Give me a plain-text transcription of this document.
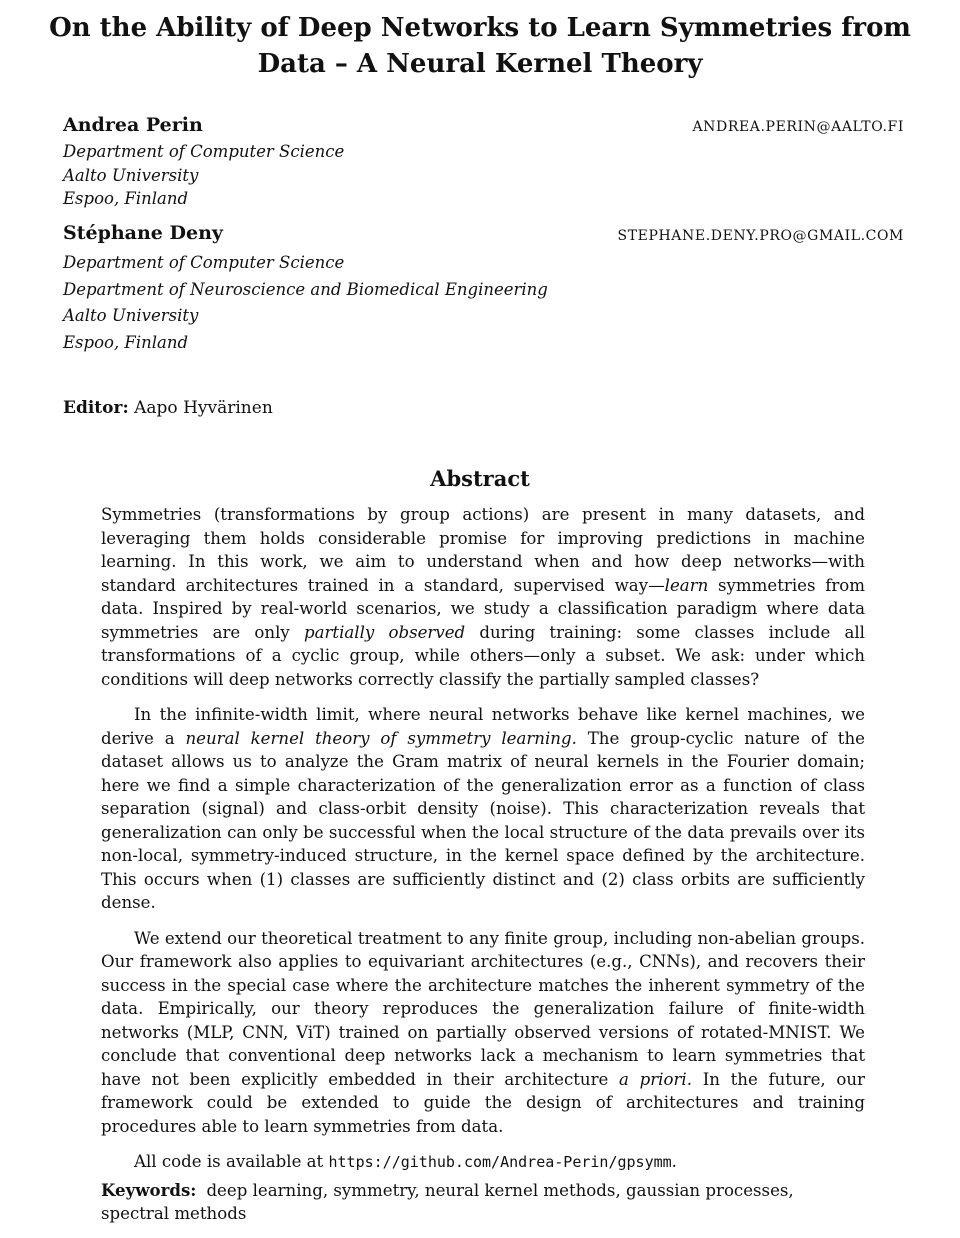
On the Ability of Deep Networks to Learn Symmetries from Data – A Neural Kernel Theory
Andrea Perin	ANDREA.PERIN@AALTO.FI
Department of Computer Science
Aalto University
Espoo, Finland
Stéphane Deny	STEPHANE.DENY.PRO@GMAIL.COM
Department of Computer Science
Department of Neuroscience and Biomedical Engineering
Aalto University
Espoo, Finland
Editor: Aapo Hyvärinen
Abstract

Symmetries (transformations by group actions) are present in many datasets, and leveraging them holds considerable promise for improving predictions in machine learning. In this work, we aim to understand when and how deep networks—with standard architectures trained in a standard, supervised way—learn symmetries from data. Inspired by real-world scenarios, we study a classification paradigm where data symmetries are only partially observed during training: some classes include all transformations of a cyclic group, while others—only a subset. We ask: under which conditions will deep networks correctly classify the partially sampled classes?

In the infinite-width limit, where neural networks behave like kernel machines, we derive a neural kernel theory of symmetry learning. The group-cyclic nature of the dataset allows us to analyze the Gram matrix of neural kernels in the Fourier domain; here we find a simple characterization of the generalization error as a function of class separation (signal) and class-orbit density (noise). This characterization reveals that generalization can only be successful when the local structure of the data prevails over its non-local, symmetry-induced structure, in the kernel space defined by the architecture. This occurs when (1) classes are sufficiently distinct and (2) class orbits are sufficiently dense.

We extend our theoretical treatment to any finite group, including non-abelian groups. Our framework also applies to equivariant architectures (e.g., CNNs), and recovers their success in the special case where the architecture matches the inherent symmetry of the data. Empirically, our theory reproduces the generalization failure of finite-width networks (MLP, CNN, ViT) trained on partially observed versions of rotated-MNIST. We conclude that conventional deep networks lack a mechanism to learn symmetries that have not been explicitly embedded in their architecture a priori. In the future, our framework could be extended to guide the design of architectures and training procedures able to learn symmetries from data.

All code is available at https://github.com/Andrea-Perin/gpsymm.

Keywords: deep learning, symmetry, neural kernel methods, gaussian processes, spectral methods
